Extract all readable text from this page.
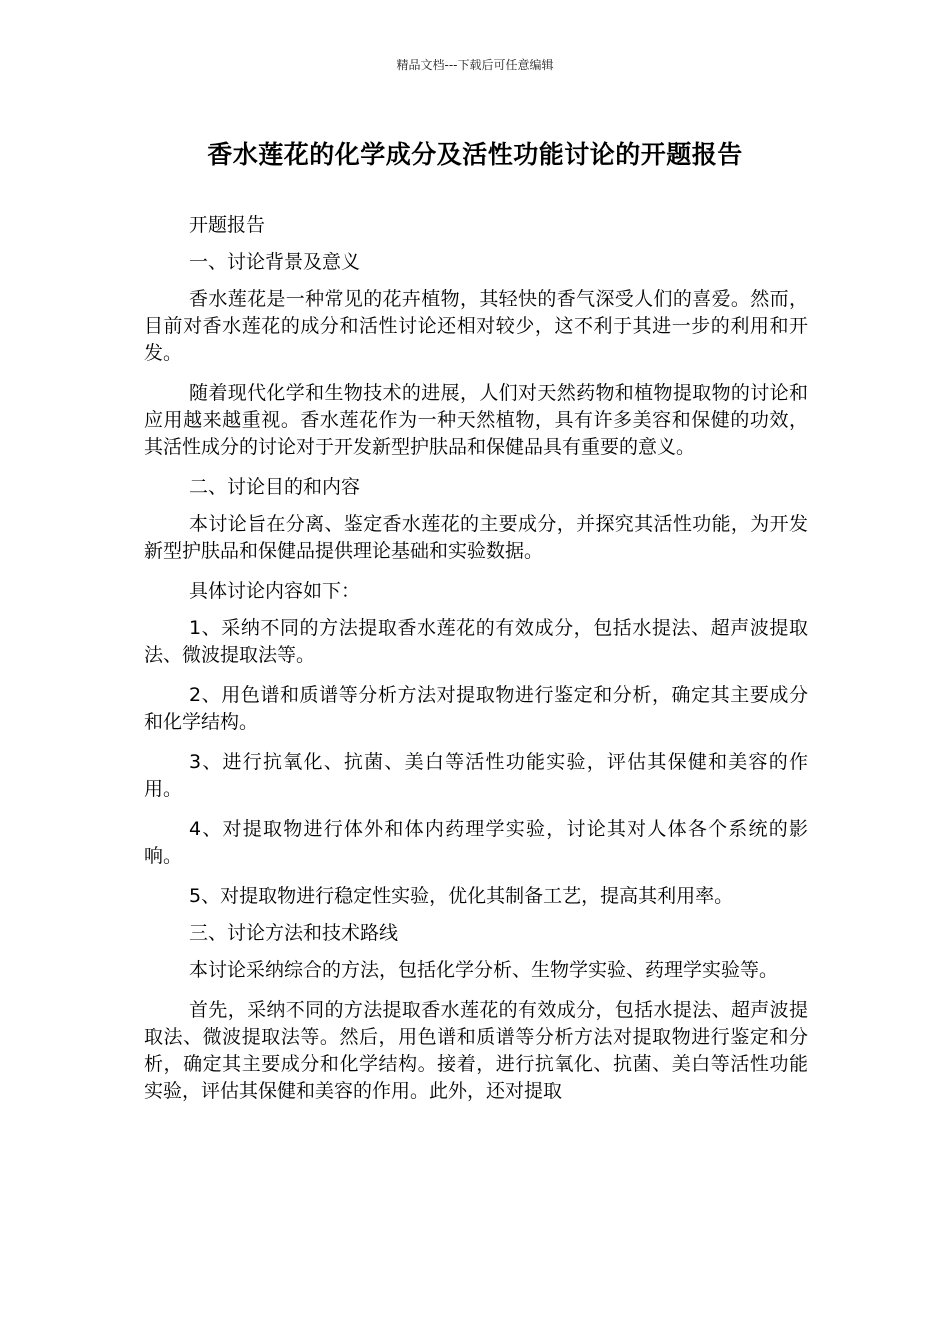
精品文档---下载后可任意编辑
香水莲花的化学成分及活性功能讨论的开题报告

开题报告

一、讨论背景及意义

香水莲花是一种常见的花卉植物，其轻快的香气深受人们的喜爱。然而，目前对香水莲花的成分和活性讨论还相对较少，这不利于其进一步的利用和开发。

随着现代化学和生物技术的进展，人们对天然药物和植物提取物的讨论和应用越来越重视。香水莲花作为一种天然植物，具有许多美容和保健的功效，其活性成分的讨论对于开发新型护肤品和保健品具有重要的意义。

二、讨论目的和内容

本讨论旨在分离、鉴定香水莲花的主要成分，并探究其活性功能，为开发新型护肤品和保健品提供理论基础和实验数据。

具体讨论内容如下：

1、采纳不同的方法提取香水莲花的有效成分，包括水提法、超声波提取法、微波提取法等。

2、用色谱和质谱等分析方法对提取物进行鉴定和分析，确定其主要成分和化学结构。

3、进行抗氧化、抗菌、美白等活性功能实验，评估其保健和美容的作用。

4、对提取物进行体外和体内药理学实验，讨论其对人体各个系统的影响。

5、对提取物进行稳定性实验，优化其制备工艺，提高其利用率。

三、讨论方法和技术路线

本讨论采纳综合的方法，包括化学分析、生物学实验、药理学实验等。

首先，采纳不同的方法提取香水莲花的有效成分，包括水提法、超声波提取法、微波提取法等。然后，用色谱和质谱等分析方法对提取物进行鉴定和分析，确定其主要成分和化学结构。接着，进行抗氧化、抗菌、美白等活性功能实验，评估其保健和美容的作用。此外，还对提取
